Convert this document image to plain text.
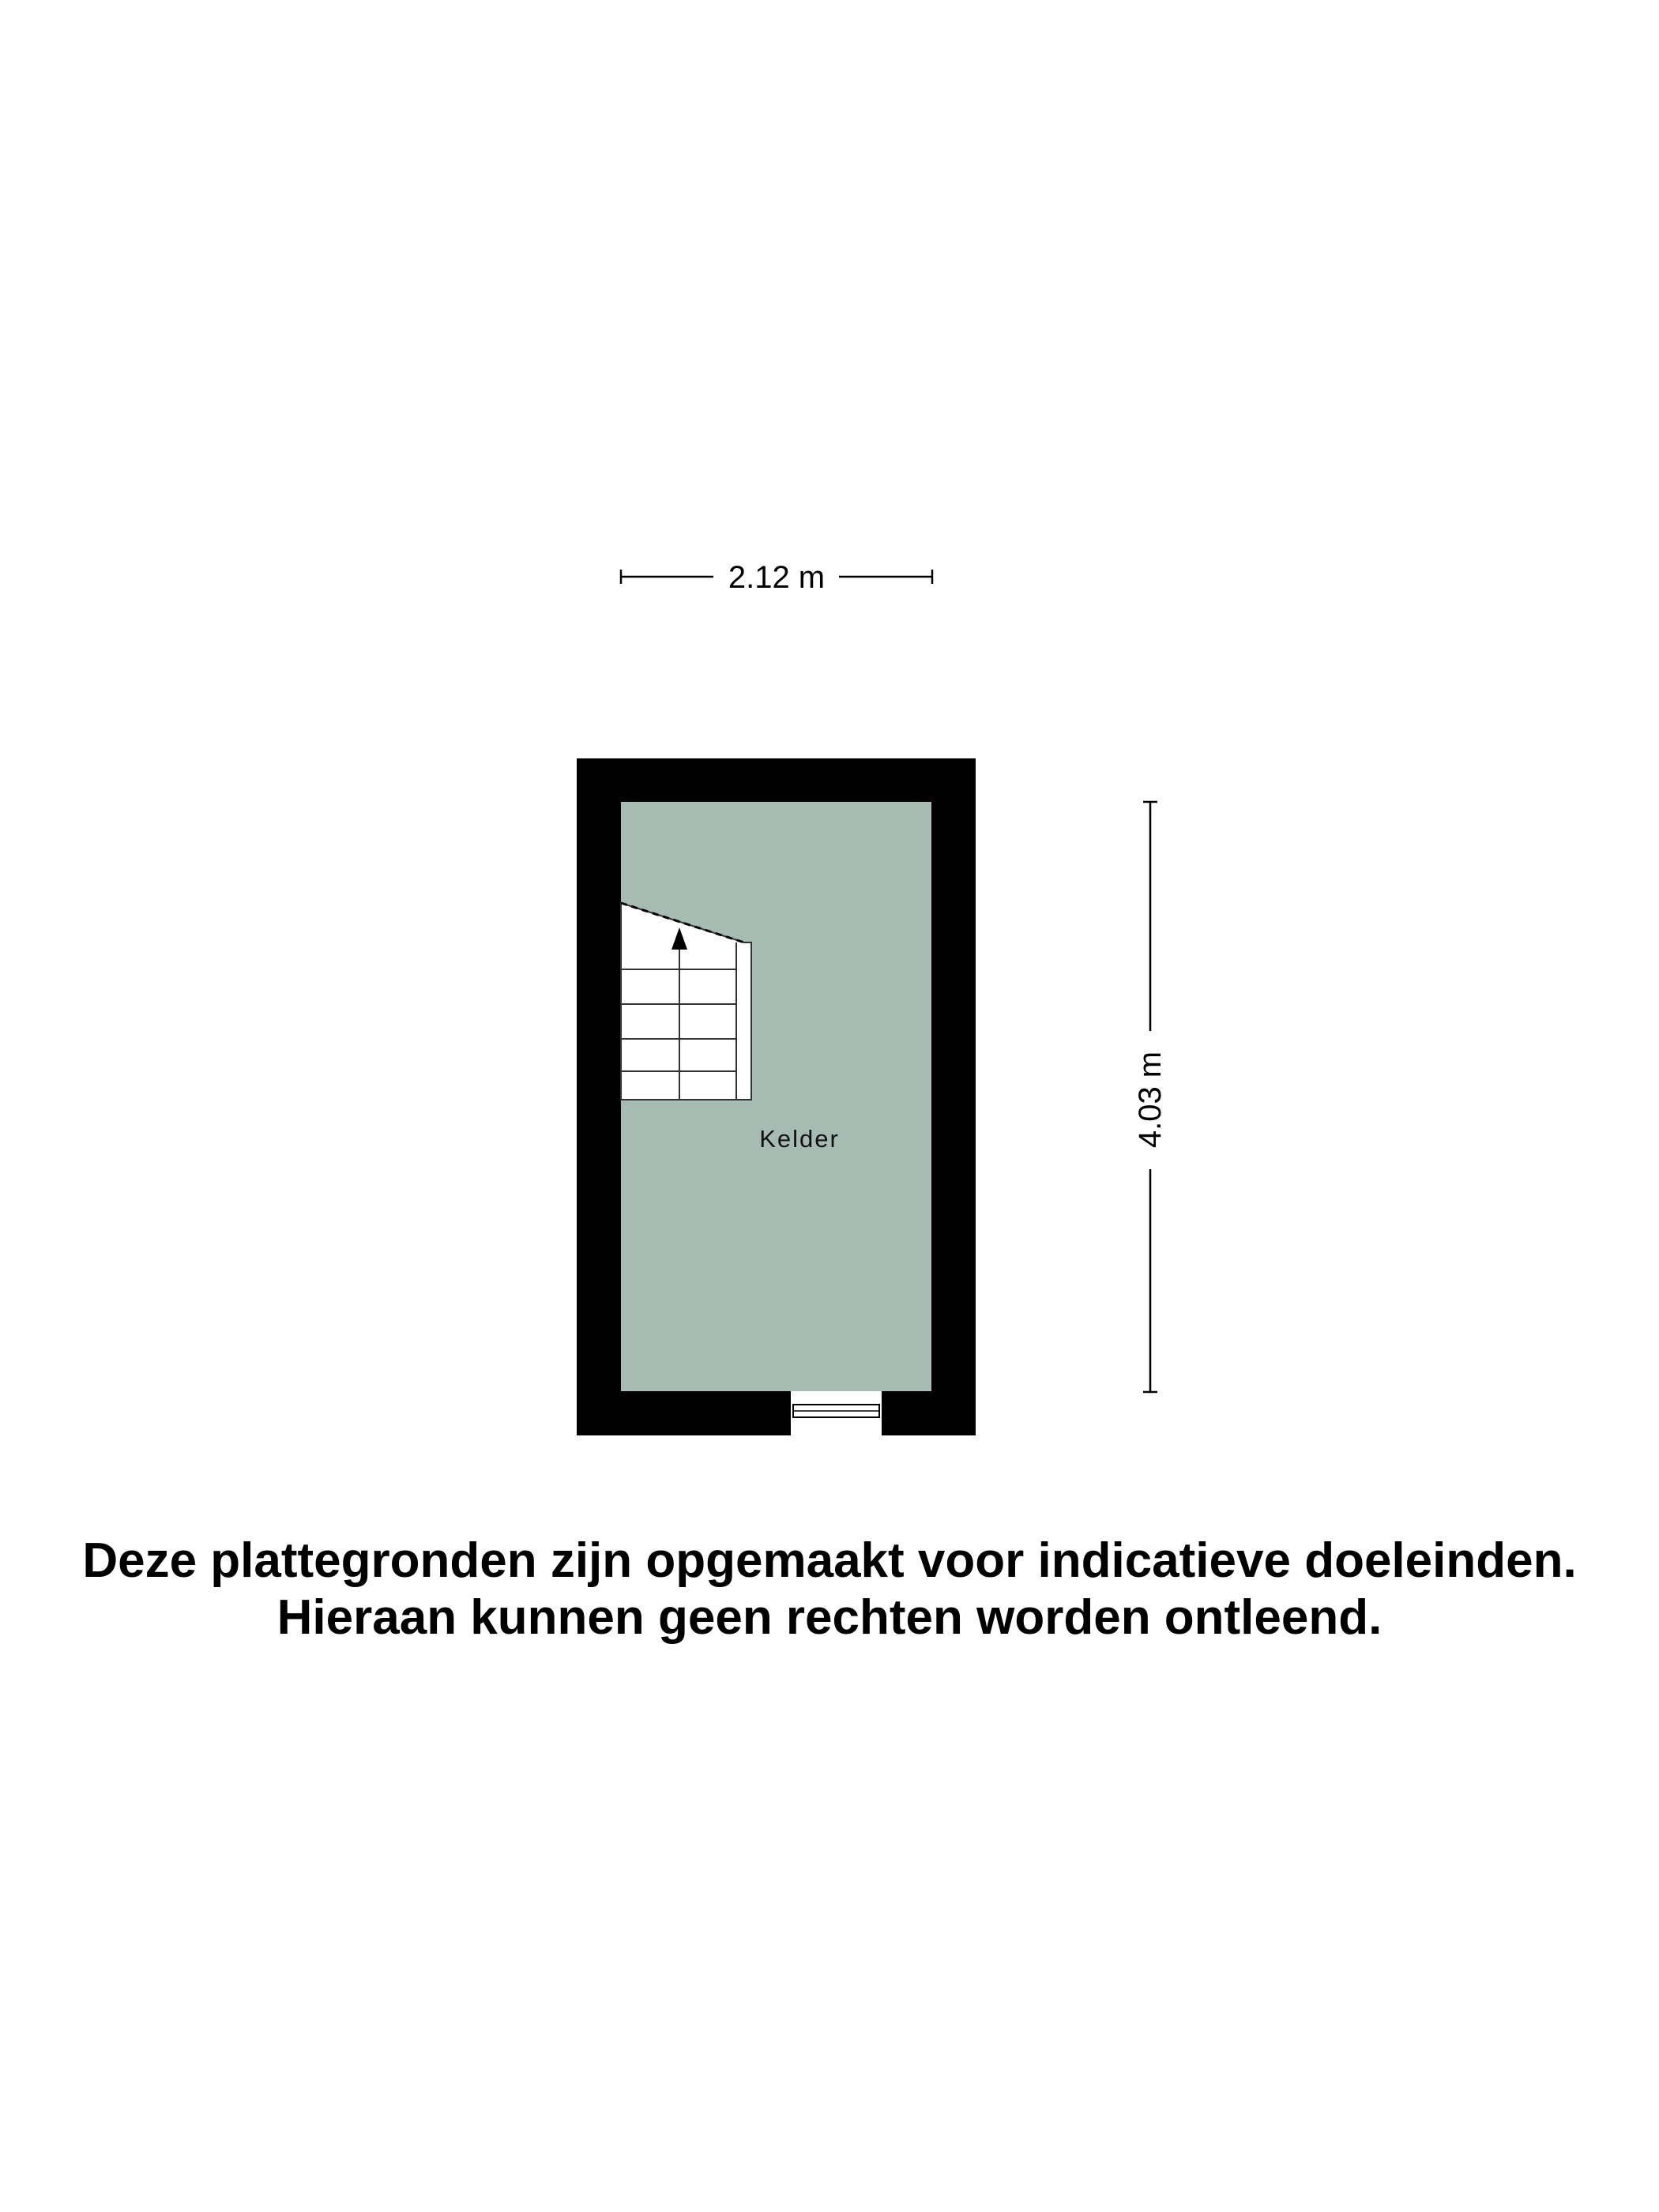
2.12 m
4.03 m
Kelder
Deze plattegronden zijn opgemaakt voor indicatieve doeleinden.
Hieraan kunnen geen rechten worden ontleend.
